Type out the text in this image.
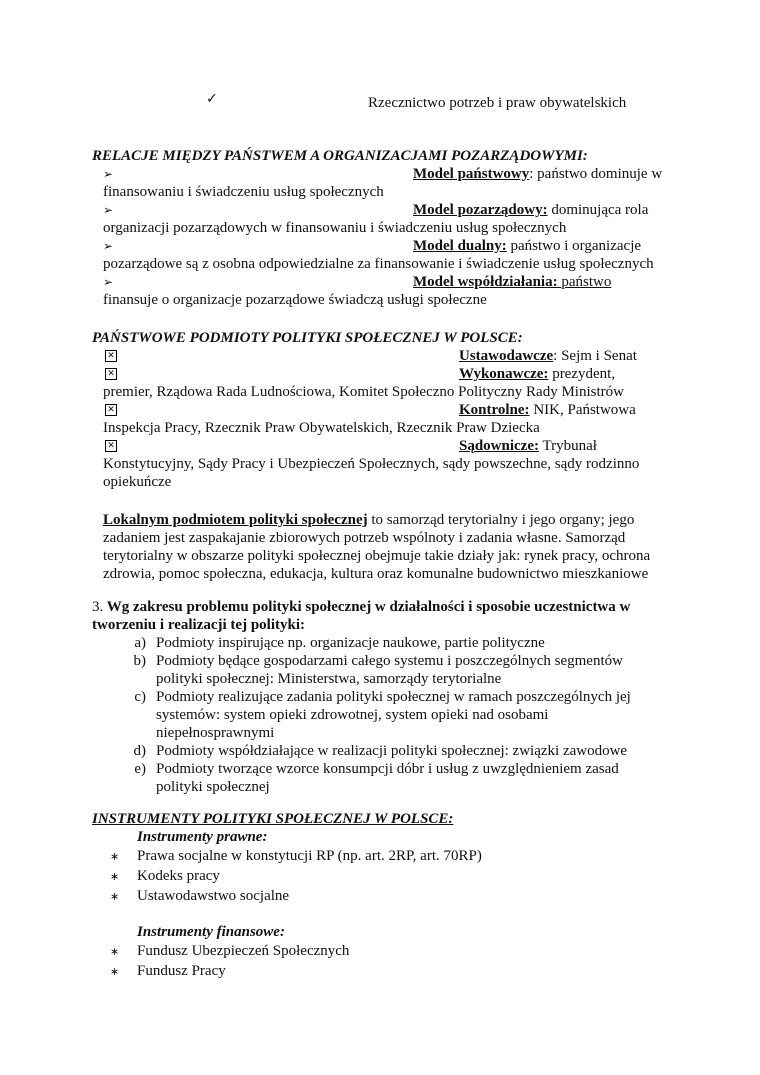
✓	Rzecznictwo potrzeb i praw obywatelskich
RELACJE MIĘDZY PAŃSTWEM A ORGANIZACJAMI POZARZĄDOWYMI:
➢	Model państwowy: państwo dominuje w
finansowaniu i świadczeniu usług społecznych
➢	Model pozarządowy: dominująca rola
organizacji pozarządowych w finansowaniu i świadczeniu usług społecznych
➢	Model dualny: państwo i organizacje
pozarządowe są z osobna odpowiedzialne za finansowanie i świadczenie usług społecznych
➢	Model współdziałania: państwo
finansuje o organizacje pozarządowe świadczą usługi społeczne
PAŃSTWOWE PODMIOTY POLITYKI SPOŁECZNEJ W POLSCE:
✕	Ustawodawcze: Sejm i Senat
✕	Wykonawcze: prezydent,
premier, Rządowa Rada Ludnościowa, Komitet Społeczno Polityczny Rady Ministrów
✕	Kontrolne: NIK, Państwowa
Inspekcja Pracy, Rzecznik Praw Obywatelskich, Rzecznik Praw Dziecka
✕	Sądownicze: Trybunał
Konstytucyjny, Sądy Pracy i Ubezpieczeń Społecznych, sądy powszechne, sądy rodzinno
opiekuńcze
Lokalnym podmiotem polityki społecznej to samorząd terytorialny i jego organy; jego
zadaniem jest zaspakajanie zbiorowych potrzeb wspólnoty i zadania własne. Samorząd
terytorialny w obszarze polityki społecznej obejmuje takie działy jak: rynek pracy, ochrona
zdrowia, pomoc społeczna, edukacja, kultura oraz komunalne budownictwo mieszkaniowe
3. Wg zakresu problemu polityki społecznej w działalności i sposobie uczestnictwa w
tworzeniu i realizacji tej polityki:
a) Podmioty inspirujące np. organizacje naukowe, partie polityczne
b) Podmioty będące gospodarzami całego systemu i poszczególnych segmentów
polityki społecznej: Ministerstwa, samorządy terytorialne
c) Podmioty realizujące zadania polityki społecznej w ramach poszczególnych jej
systemów: system opieki zdrowotnej, system opieki nad osobami
niepełnosprawnymi
d) Podmioty współdziałające w realizacji polityki społecznej: związki zawodowe
e) Podmioty tworzące wzorce konsumpcji dóbr i usług z uwzględnieniem zasad
polityki społecznej
INSTRUMENTY POLITYKI SPOŁECZNEJ W POLSCE:
Instrumenty prawne:
∗ Prawa socjalne w konstytucji RP (np. art. 2RP, art. 70RP)
∗ Kodeks pracy
∗ Ustawodawstwo socjalne
Instrumenty finansowe:
∗ Fundusz Ubezpieczeń Społecznych
∗ Fundusz Pracy
